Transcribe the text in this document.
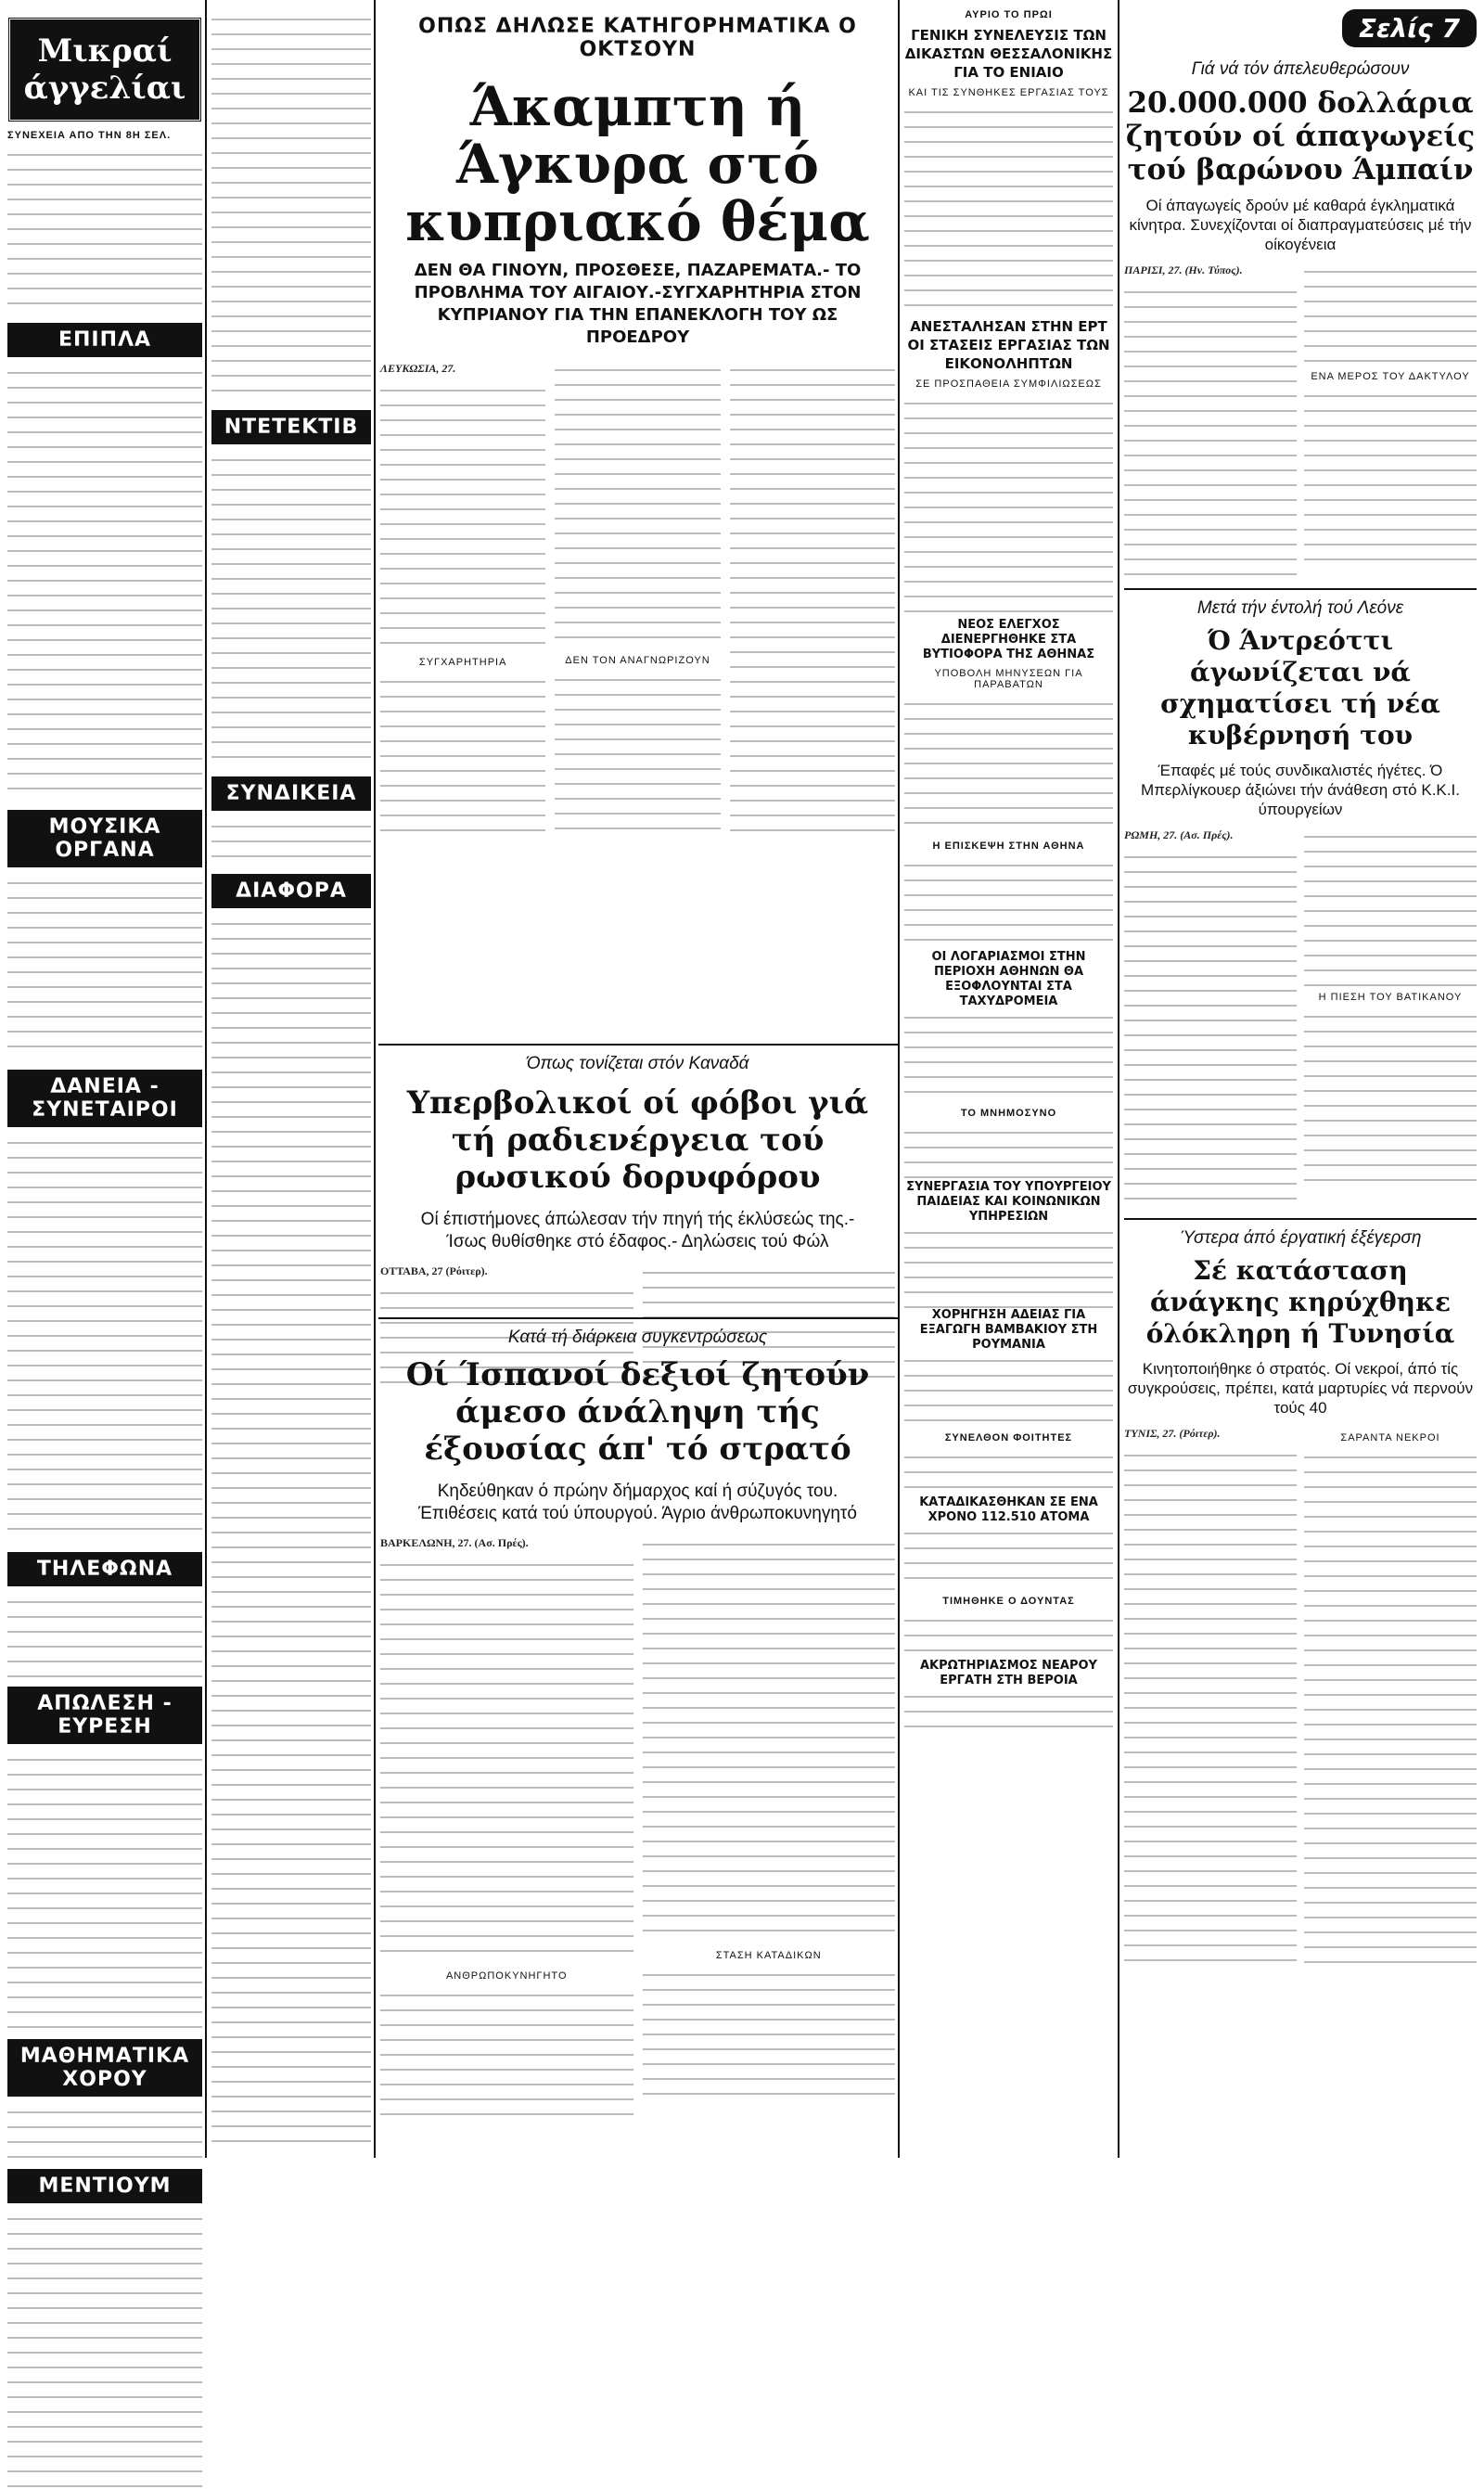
Μικραί άγγελίαι
ΣΥΝΕΧΕΙΑ ΑΠΟ ΤΗΝ 8Η ΣΕΛ.
ΕΠΙΠΛΑ
ΜΟΥΣΙΚΑ ΟΡΓΑΝΑ
ΔΑΝΕΙΑ - ΣΥΝΕΤΑΙΡΟΙ
ΤΗΛΕΦΩΝΑ
ΑΠΩΛΕΣΗ - ΕΥΡΕΣΗ
ΜΑΘΗΜΑΤΙΚΑ ΧΟΡΟΥ
ΜΕΝΤΙΟΥΜ
ΝΤΕΤΕΚΤΙΒ
ΣΥΝΔΙΚΕΙΑ
ΔΙΑΦΟΡΑ
ΟΠΩΣ ΔΗΛΩΣΕ ΚΑΤΗΓΟΡΗΜΑΤΙΚΑ Ο ΟΚΤΣΟΥΝ
Άκαμπτη ή Άγκυρα στό κυπριακό θέμα
ΔΕΝ ΘΑ ΓΙΝΟΥΝ, ΠΡΟΣΘΕΣΕ, ΠΑΖΑΡΕΜΑΤΑ.- ΤΟ ΠΡΟΒΛΗΜΑ ΤΟΥ ΑΙΓΑΙΟΥ.-ΣΥΓΧΑΡΗΤΗΡΙΑ ΣΤΟΝ ΚΥΠΡΙΑΝΟΥ ΓΙΑ ΤΗΝ ΕΠΑΝΕΚΛΟΓΗ ΤΟΥ ΩΣ ΠΡΟΕΔΡΟΥ
ΛΕΥΚΩΣΙΑ, 27.
ΣΥΓΧΑΡΗΤΗΡΙΑ	ΔΕΝ ΤΟΝ ΑΝΑΓΝΩΡΙΖΟΥΝ
Όπως τονίζεται στόν Καναδά
Υπερβολικοί οί φόβοι γιά τή ραδιενέργεια τού ρωσικού δορυφόρου
Οί έπιστήμονες άπώλεσαν τήν πηγή τής έκλύσεώς της.- Ίσως θυθίσθηκε στό έδαφος.- Δηλώσεις τού Φώλ
ΟΤΤΑΒΑ, 27 (Ρόιτερ).
Κατά τή διάρκεια συγκεντρώσεως
Οί Ίσπανοί δεξιοί ζητούν άμεσο άνάληψη τής έξουσίας άπ' τό στρατό
Κηδεύθηκαν ό πρώην δήμαρχος καί ή σύζυγός του. Έπιθέσεις κατά τού ύπουργού. Άγριο άνθρωποκυνηγητό
ΒΑΡΚΕΛΩΝΗ, 27. (Ασ. Πρές).
ΑΝΘΡΩΠΟΚΥΝΗΓΗΤΟ
ΣΤΑΣΗ ΚΑΤΑΔΙΚΩΝ
ΑΥΡΙΟ ΤΟ ΠΡΩΙ
ΓΕΝΙΚΗ ΣΥΝΕΛΕΥΣΙΣ ΤΩΝ ΔΙΚΑΣΤΩΝ ΘΕΣΣΑΛΟΝΙΚΗΣ ΓΙΑ ΤΟ ΕΝΙΑΙΟ
ΚΑΙ ΤΙΣ ΣΥΝΘΗΚΕΣ ΕΡΓΑΣΙΑΣ ΤΟΥΣ
ΑΝΕΣΤΑΛΗΣΑΝ ΣΤΗΝ ΕΡΤ ΟΙ ΣΤΑΣΕΙΣ ΕΡΓΑΣΙΑΣ ΤΩΝ ΕΙΚΟΝΟΛΗΠΤΩΝ
ΣΕ ΠΡΟΣΠΑΘΕΙΑ ΣΥΜΦΙΛΙΩΣΕΩΣ
ΝΕΟΣ ΕΛΕΓΧΟΣ ΔΙΕΝΕΡΓΗΘΗΚΕ ΣΤΑ ΒΥΤΙΟΦΟΡΑ ΤΗΣ ΑΘΗΝΑΣ
ΥΠΟΒΟΛΗ ΜΗΝΥΣΕΩΝ ΓΙΑ ΠΑΡΑΒΑΤΩΝ
Η ΕΠΙΣΚΕΨΗ ΣΤΗΝ ΑΘΗΝΑ
ΟΙ ΛΟΓΑΡΙΑΣΜΟΙ ΣΤΗΝ ΠΕΡΙΟΧΗ ΑΘΗΝΩΝ ΘΑ ΕΞΟΦΛΟΥΝΤΑΙ ΣΤΑ ΤΑΧΥΔΡΟΜΕΙΑ
ΤΟ ΜΝΗΜΟΣΥΝΟ
ΣΥΝΕΡΓΑΣΙΑ ΤΟΥ ΥΠΟΥΡΓΕΙΟΥ ΠΑΙΔΕΙΑΣ ΚΑΙ ΚΟΙΝΩΝΙΚΩΝ ΥΠΗΡΕΣΙΩΝ
ΧΟΡΗΓΗΣΗ ΑΔΕΙΑΣ ΓΙΑ ΕΞΑΓΩΓΗ ΒΑΜΒΑΚΙΟΥ ΣΤΗ ΡΟΥΜΑΝΙΑ
ΣΥΝΕΛΘΟΝ ΦΟΙΤΗΤΕΣ
ΚΑΤΑΔΙΚΑΣΘΗΚΑΝ ΣΕ ΕΝΑ ΧΡΟΝΟ 112.510 ΑΤΟΜΑ
ΤΙΜΗΘΗΚΕ Ο ΔΟΥΝΤΑΣ
ΑΚΡΩΤΗΡΙΑΣΜΟΣ ΝΕΑΡΟΥ ΕΡΓΑΤΗ ΣΤΗ ΒΕΡΟΙΑ
Σελίς 7
Γιά νά τόν άπελευθερώσουν
20.000.000 δολλάρια ζητούν οί άπαγωγείς τού βαρώνου Άμπαίν
Οί άπαγωγείς δρούν μέ καθαρά έγκληματικά κίνητρα. Συνεχίζονται οί διαπραγματεύσεις μέ τήν οίκογένεια
ΠΑΡΙΣΙ, 27. (Ην. Τύπος).
ΕΝΑ ΜΕΡΟΣ ΤΟΥ ΔΑΚΤΥΛΟΥ
Μετά τήν έντολή τού Λεόνε
Ό Άντρεόττι άγωνίζεται νά σχηματίσει τή νέα κυβέρνησή του
Έπαφές μέ τούς συνδικαλιστές ήγέτες. Ό Μπερλίγκουερ άξιώνει τήν άνάθεση στό Κ.Κ.Ι. ύπουργείων
ΡΩΜΗ, 27. (Ασ. Πρές).
Η ΠΙΕΣΗ ΤΟΥ ΒΑΤΙΚΑΝΟΥ
Ύστερα άπό έργατική έξέγερση
Σέ κατάσταση άνάγκης κηρύχθηκε όλόκληρη ή Τυνησία
Κινητοποιήθηκε ό στρατός. Οί νεκροί, άπό τίς συγκρούσεις, πρέπει, κατά μαρτυρίες νά περνούν τούς 40
ΤΥΝΙΣ, 27. (Ρόιτερ).	ΣΑΡΑΝΤΑ ΝΕΚΡΟΙ
